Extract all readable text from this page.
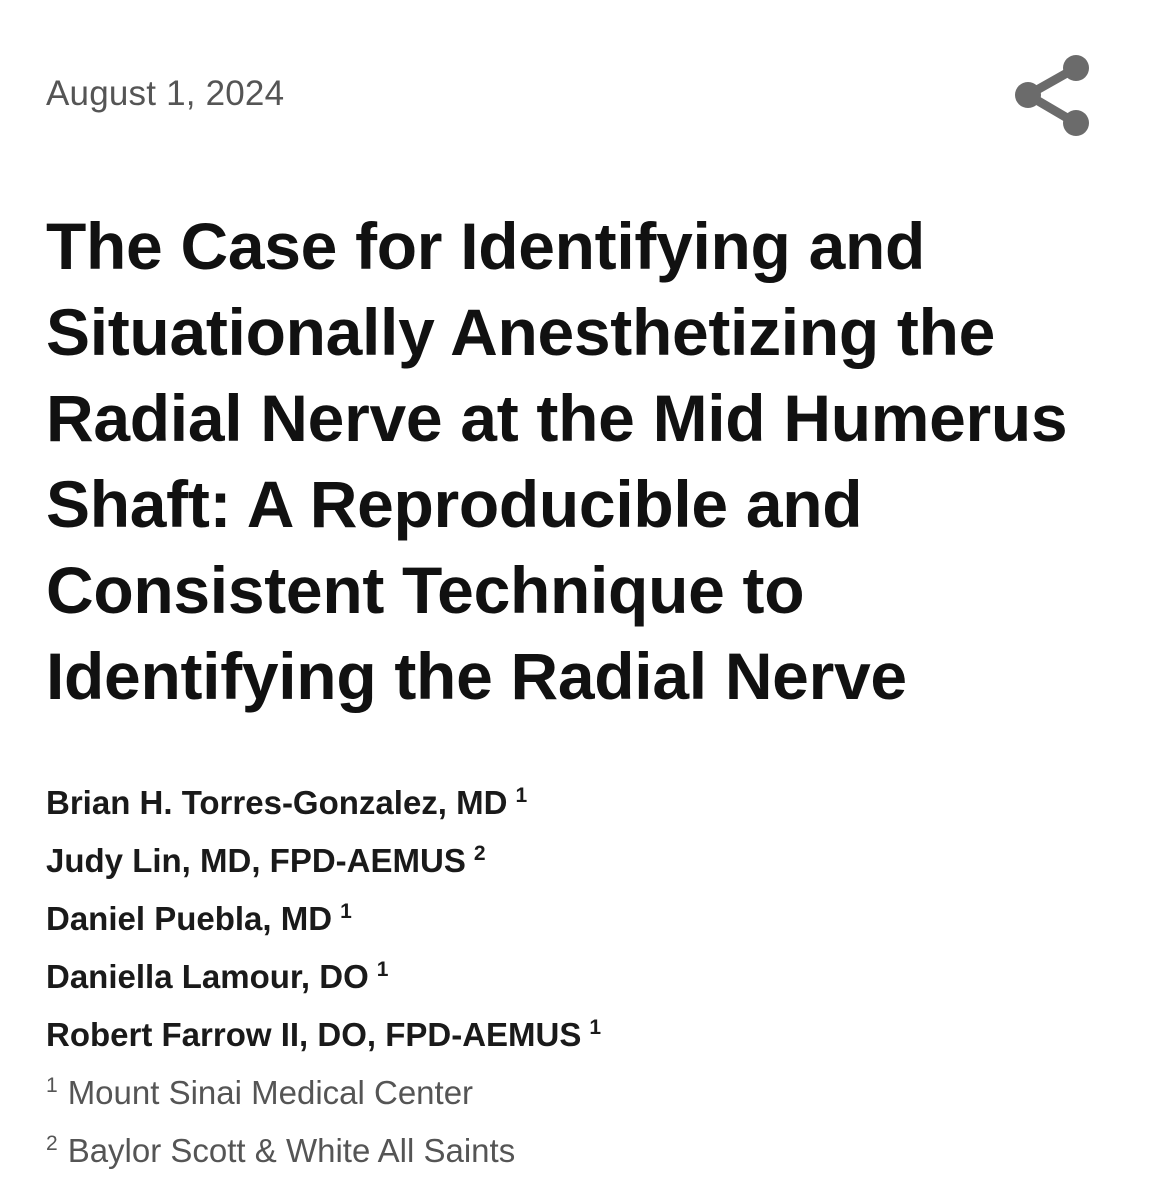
August 1, 2024
The Case for Identifying and Situationally Anesthetizing the Radial Nerve at the Mid Humerus Shaft: A Reproducible and Consistent Technique to Identifying the Radial Nerve
Brian H. Torres-Gonzalez, MD $^1$
Judy Lin, MD, FPD-AEMUS $^2$
Daniel Puebla, MD $^1$
Daniella Lamour, DO $^1$
Robert Farrow II, DO, FPD-AEMUS $^1$
$^1$ Mount Sinai Medical Center
$^2$ Baylor Scott & White All Saints
